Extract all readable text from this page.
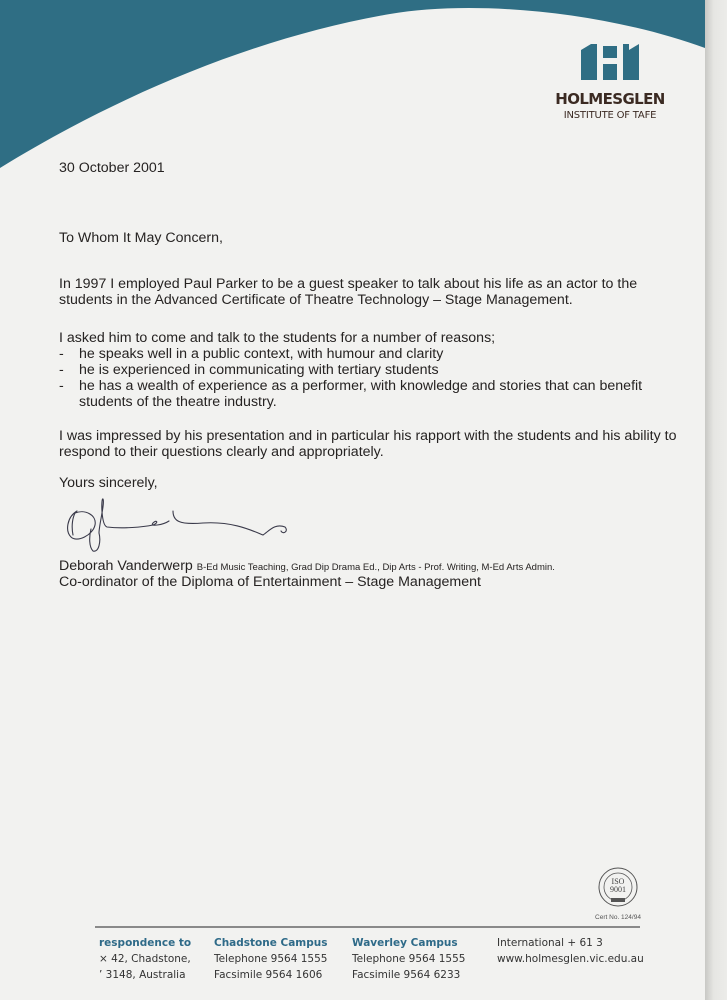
HOLMESGLEN
INSTITUTE OF TAFE
30 October 2001
To Whom It May Concern,
In 1997 I employed Paul Parker to be a guest speaker to talk about his life as an actor to the students in the Advanced Certificate of Theatre Technology – Stage Management.
I asked him to come and talk to the students for a number of reasons;
- he speaks well in a public context, with humour and clarity
- he is experienced in communicating with tertiary students
- he has a wealth of experience as a performer, with knowledge and stories that can benefit students of the theatre industry.
I was impressed by his presentation and in particular his rapport with the students and his ability to respond to their questions clearly and appropriately.
Yours sincerely,
Deborah Vanderwerp B-Ed Music Teaching, Grad Dip Drama Ed., Dip Arts - Prof. Writing, M-Ed Arts Admin.
Co-ordinator of the Diploma of Entertainment – Stage Management
ISO
9001
Cert No. 124/94
respondence to
× 42, Chadstone,
’ 3148, Australia
Chadstone Campus
Telephone 9564 1555
Facsimile 9564 1606
Waverley Campus
Telephone 9564 1555
Facsimile 9564 6233
International + 61 3
www.holmesglen.vic.edu.au
